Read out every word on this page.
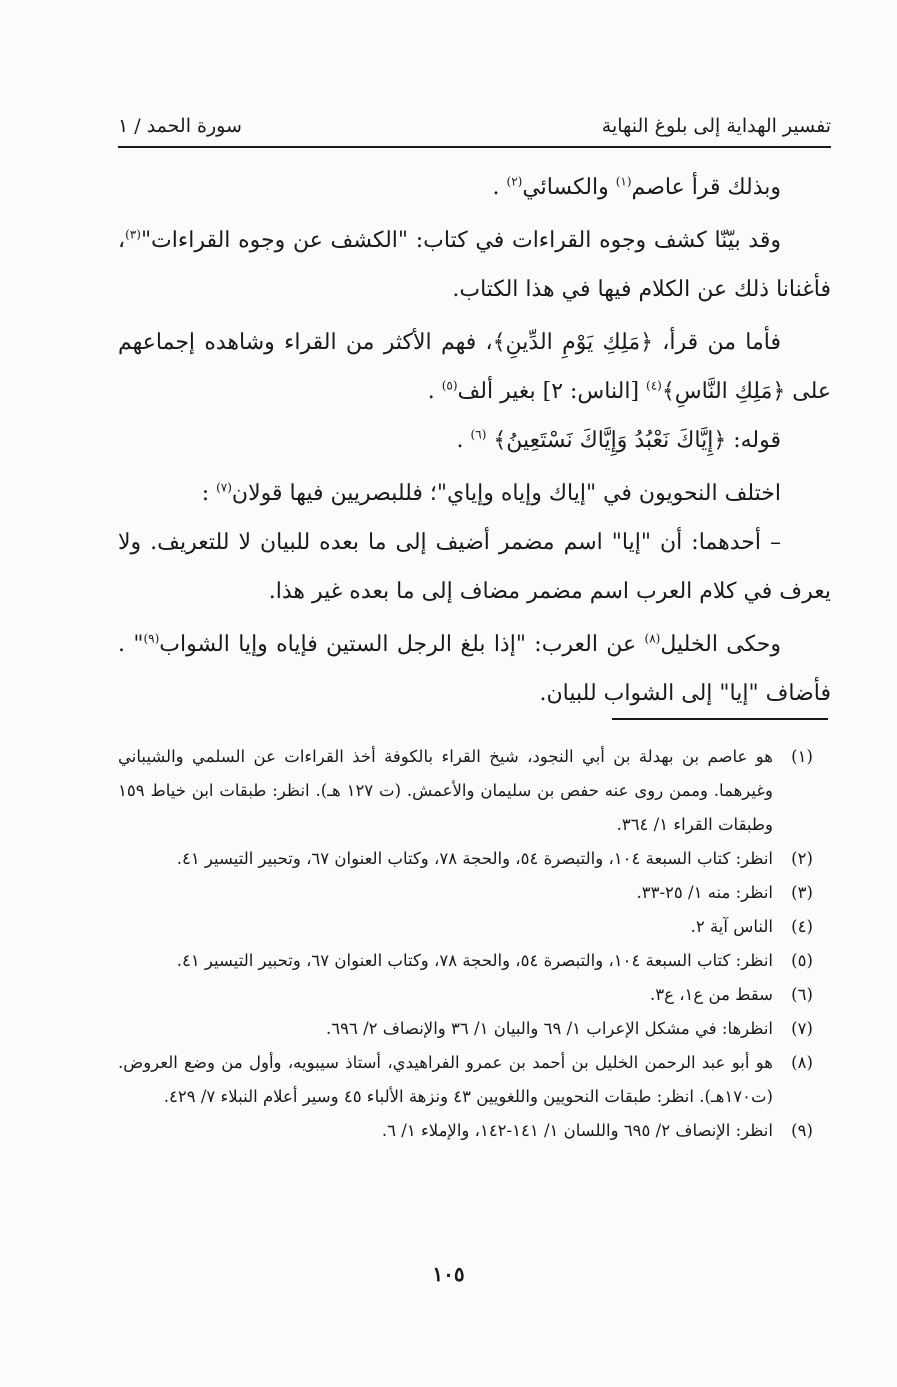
تفسير الهداية إلى بلوغ النهاية
سورة الحمد / ١

وبذلك قرأ عاصم$^{(١)}$ والكسائي$^{(٢)}$ .

وقد بيّنّا كشف وجوه القراءات في كتاب: "الكشف عن وجوه القراءات"$^{(٣)}$، فأغنانا ذلك عن الكلام فيها في هذا الكتاب.

فأما من قرأ، ﴿مَلِكِ يَوْمِ الدِّينِ﴾، فهم الأكثر من القراء وشاهده إجماعهم على ﴿مَلِكِ النَّاسِ﴾$^{(٤)}$ [الناس: ٢] بغير ألف$^{(٥)}$ .

قوله: ﴿إِيَّاكَ نَعْبُدُ وَإِيَّاكَ نَسْتَعِينُ﴾ $^{(٦)}$ .

اختلف النحويون في "إياك وإياه وإياي"؛ فللبصريين فيها قولان$^{(٧)}$ :

– أحدهما: أن "إيا" اسم مضمر أضيف إلى ما بعده للبيان لا للتعريف. ولا يعرف في كلام العرب اسم مضمر مضاف إلى ما بعده غير هذا.

وحكى الخليل$^{(٨)}$ عن العرب: "إذا بلغ الرجل الستين فإياه وإيا الشواب$^{(٩)}$" . فأضاف "إيا" إلى الشواب للبيان.

(١)
هو عاصم بن بهدلة بن أبي النجود، شيخ القراء بالكوفة أخذ القراءات عن السلمي والشيباني وغيرهما. وممن روى عنه حفص بن سليمان والأعمش. (ت ١٢٧ هـ). انظر: طبقات ابن خياط ١٥٩ وطبقات القراء ١/ ٣٦٤.
(٢)
انظر: كتاب السبعة ١٠٤، والتبصرة ٥٤، والحجة ٧٨، وكتاب العنوان ٦٧، وتحبير التيسير ٤١.
(٣)
انظر: منه ١/ ٢٥-٣٣.
(٤)
الناس آية ٢.
(٥)
انظر: كتاب السبعة ١٠٤، والتبصرة ٥٤، والحجة ٧٨، وكتاب العنوان ٦٧، وتحبير التيسير ٤١.
(٦)
سقط من ع١، ع٣.
(٧)
انظرها: في مشكل الإعراب ١/ ٦٩ والبيان ١/ ٣٦ والإنصاف ٢/ ٦٩٦.
(٨)
هو أبو عبد الرحمن الخليل بن أحمد بن عمرو الفراهيدي، أستاذ سيبويه، وأول من وضع العروض. (ت١٧٠هـ). انظر: طبقات النحويين واللغويين ٤٣ ونزهة الألباء ٤٥ وسير أعلام النبلاء ٧/ ٤٢٩.
(٩)
انظر: الإنصاف ٢/ ٦٩٥ واللسان ١/ ١٤١-١٤٢، والإملاء ١/ ٦.
١٠٥
